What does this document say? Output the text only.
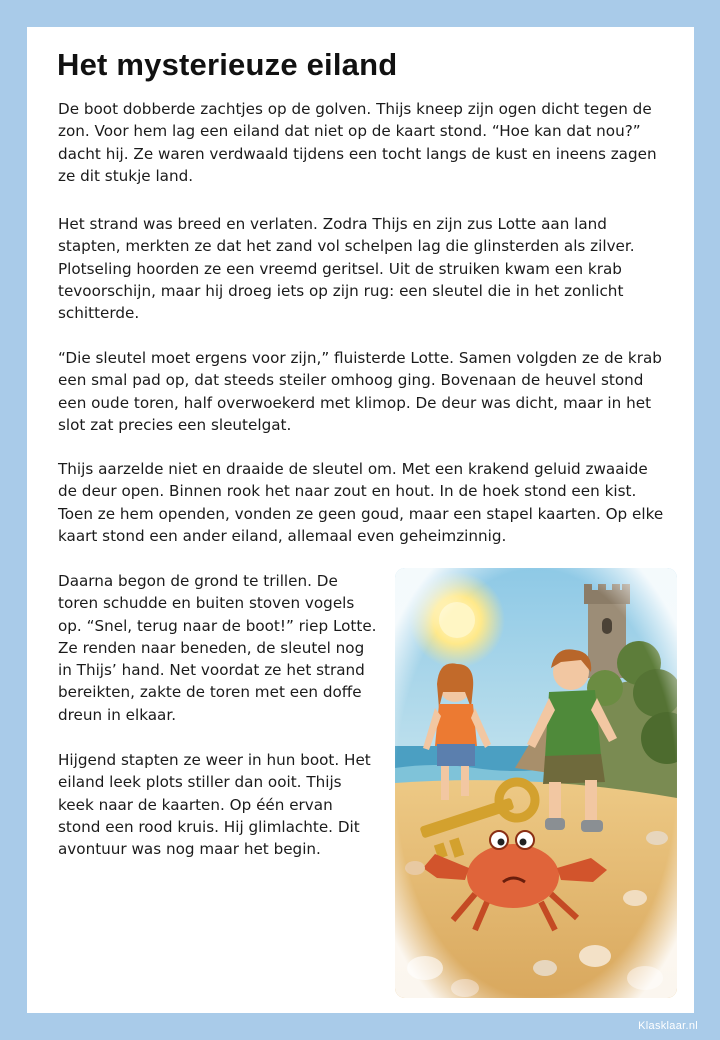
Het mysterieuze eiland

De boot dobberde zachtjes op de golven. Thijs kneep zijn ogen dicht tegen de zon. Voor hem lag een eiland dat niet op de kaart stond. “Hoe kan dat nou?” dacht hij. Ze waren verdwaald tijdens een tocht langs de kust en ineens zagen ze dit stukje land.

Het strand was breed en verlaten. Zodra Thijs en zijn zus Lotte aan land stapten, merkten ze dat het zand vol schelpen lag die glinsterden als zilver. Plotseling hoorden ze een vreemd geritsel. Uit de struiken kwam een krab tevoorschijn, maar hij droeg iets op zijn rug: een sleutel die in het zonlicht schitterde.

“Die sleutel moet ergens voor zijn,” fluisterde Lotte. Samen volgden ze de krab een smal pad op, dat steeds steiler omhoog ging. Bovenaan de heuvel stond een oude toren, half overwoekerd met klimop. De deur was dicht, maar in het slot zat precies een sleutelgat.

Thijs aarzelde niet en draaide de sleutel om. Met een krakend geluid zwaaide de deur open. Binnen rook het naar zout en hout. In de hoek stond een kist. Toen ze hem openden, vonden ze geen goud, maar een stapel kaarten. Op elke kaart stond een ander eiland, allemaal even geheimzinnig.

Daarna begon de grond te trillen. De toren schudde en buiten stoven vogels op. “Snel, terug naar de boot!” riep Lotte. Ze renden naar beneden, de sleutel nog in Thijs’ hand. Net voordat ze het strand bereikten, zakte de toren met een doffe dreun in elkaar.

Hijgend stapten ze weer in hun boot. Het eiland leek plots stiller dan ooit. Thijs keek naar de kaarten. Op één ervan stond een rood kruis. Hij glimlachte. Dit avontuur was nog maar het begin.

Klasklaar.nl
